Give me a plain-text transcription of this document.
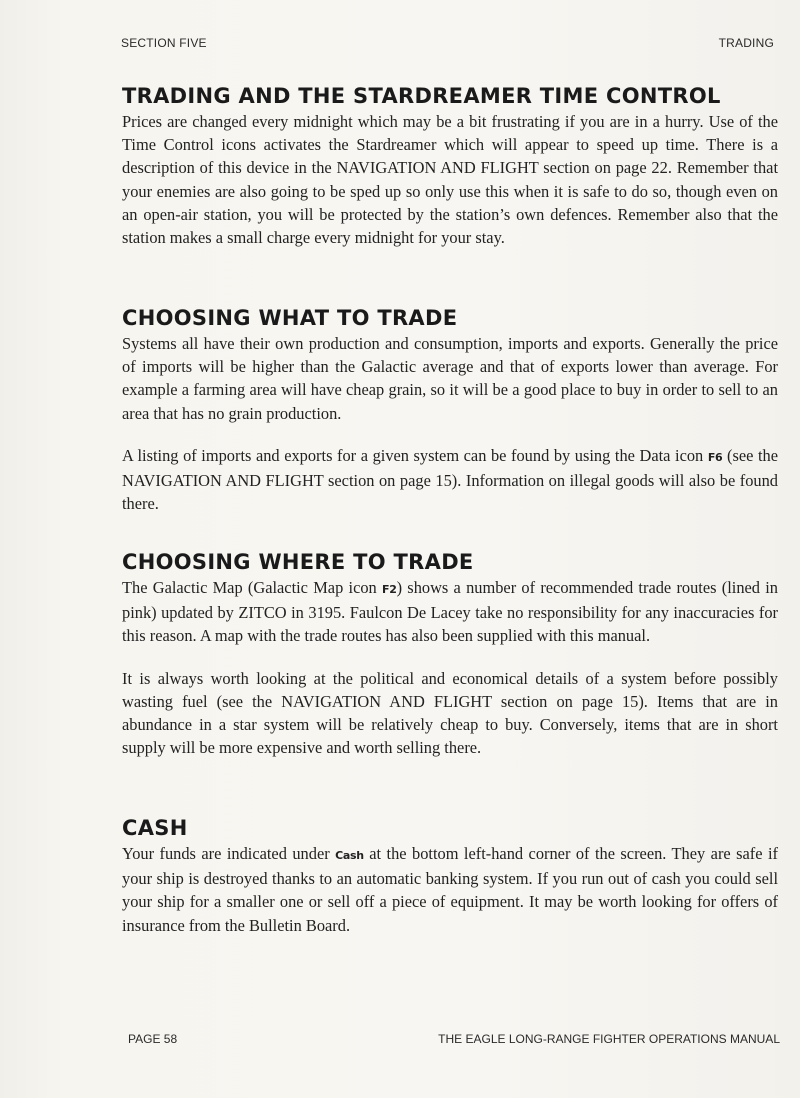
SECTION FIVE	TRADING
TRADING AND THE STARDREAMER TIME CONTROL

Prices are changed every midnight which may be a bit frustrating if you are in a hurry. Use of the Time Control icons activates the Stardreamer which will appear to speed up time. There is a description of this device in the NAVIGATION AND FLIGHT section on page 22. Remember that your enemies are also going to be sped up so only use this when it is safe to do so, though even on an open-air station, you will be protected by the station’s own defences. Remember also that the station makes a small charge every midnight for your stay.

CHOOSING WHAT TO TRADE

Systems all have their own production and consumption, imports and exports. Generally the price of imports will be higher than the Galactic average and that of exports lower than average. For example a farming area will have cheap grain, so it will be a good place to buy in order to sell to an area that has no grain production.

A listing of imports and exports for a given system can be found by using the Data icon F6 (see the NAVIGATION AND FLIGHT section on page 15). Information on illegal goods will also be found there.

CHOOSING WHERE TO TRADE

The Galactic Map (Galactic Map icon F2) shows a number of recommended trade routes (lined in pink) updated by ZITCO in 3195. Faulcon De Lacey take no responsibility for any inaccuracies for this reason. A map with the trade routes has also been supplied with this manual.

It is always worth looking at the political and economical details of a system before possibly wasting fuel (see the NAVIGATION AND FLIGHT section on page 15). Items that are in abundance in a star system will be relatively cheap to buy. Conversely, items that are in short supply will be more expensive and worth selling there.

CASH

Your funds are indicated under Cash at the bottom left-hand corner of the screen. They are safe if your ship is destroyed thanks to an automatic banking system. If you run out of cash you could sell your ship for a smaller one or sell off a piece of equipment. It may be worth looking for offers of insurance from the Bulletin Board.

PAGE 58	THE EAGLE LONG-RANGE FIGHTER OPERATIONS MANUAL
